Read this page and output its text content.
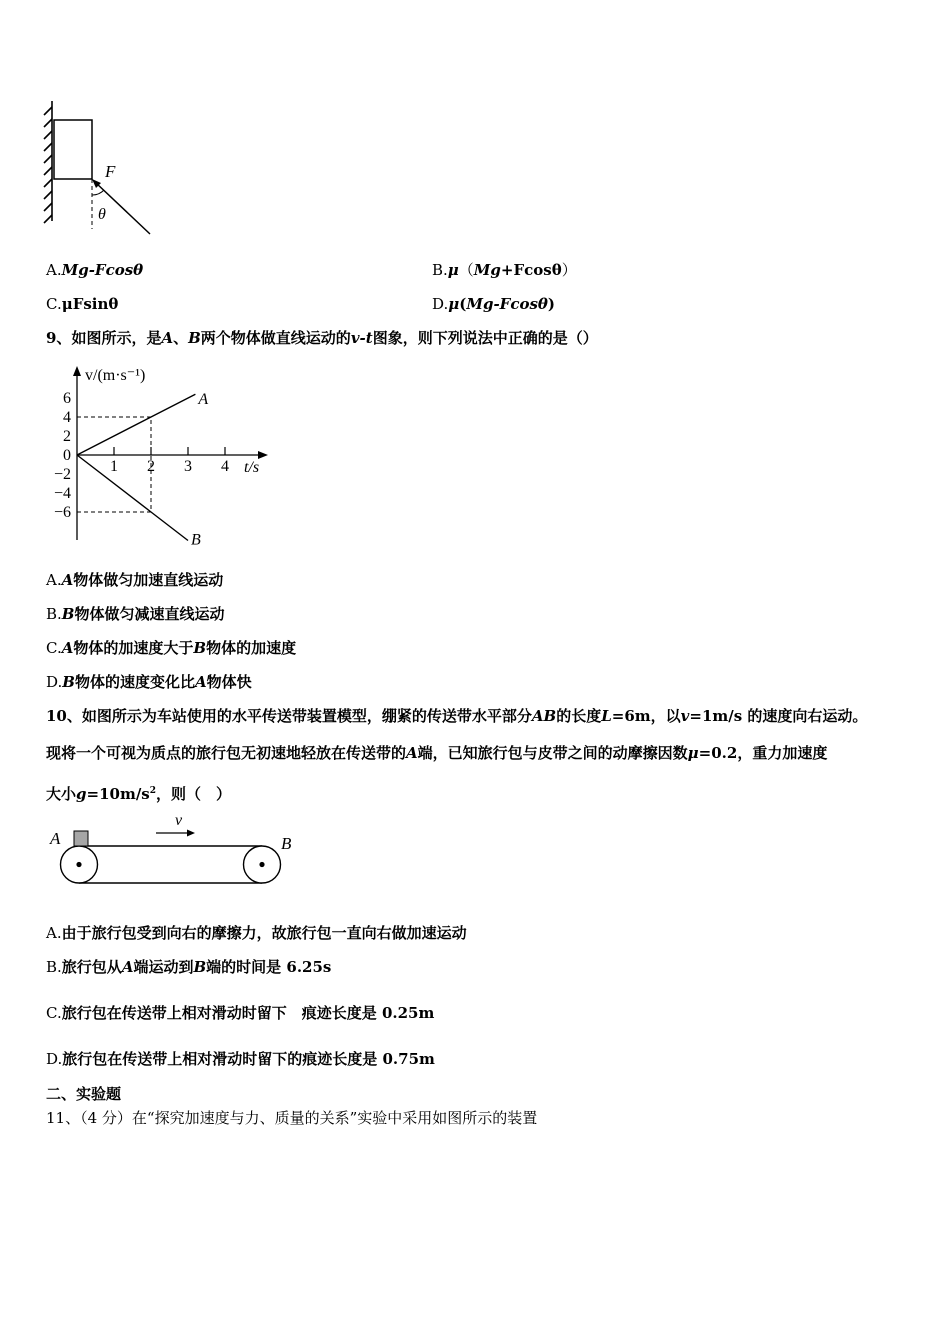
F
θ
A.Mg-Fcosθ	B.μ（Mg+Fcosθ）
C.μFsinθ	D.μ(Mg-Fcosθ)
9、如图所示，是A、B两个物体做直线运动的v-t图象，则下列说法中正确的是（）
v/(m·s⁻¹)
t/s
1 2 3 4
6
4
2
0
−2
−4
−6
A
B
A.A物体做匀加速直线运动
B.B物体做匀减速直线运动
C.A物体的加速度大于B物体的加速度
D.B物体的速度变化比A物体快
10、如图所示为车站使用的水平传送带装置模型，绷紧的传送带水平部分AB的长度L=6m，以v=1m/s 的速度向右运动。
现将一个可视为质点的旅行包无初速地轻放在传送带的A端，已知旅行包与皮带之间的动摩擦因数μ=0.2，重力加速度
大小$g=10m/s^2$，则（　）
A	B
v
A.由于旅行包受到向右的摩擦力，故旅行包一直向右做加速运动
B.旅行包从A端运动到B端的时间是 6.25s
C.旅行包在传送带上相对滑动时留下　痕迹长度是 0.25m
D.旅行包在传送带上相对滑动时留下的痕迹长度是 0.75m
二、实验题
11、（4 分）在“探究加速度与力、质量的关系”实验中采用如图所示的装置
